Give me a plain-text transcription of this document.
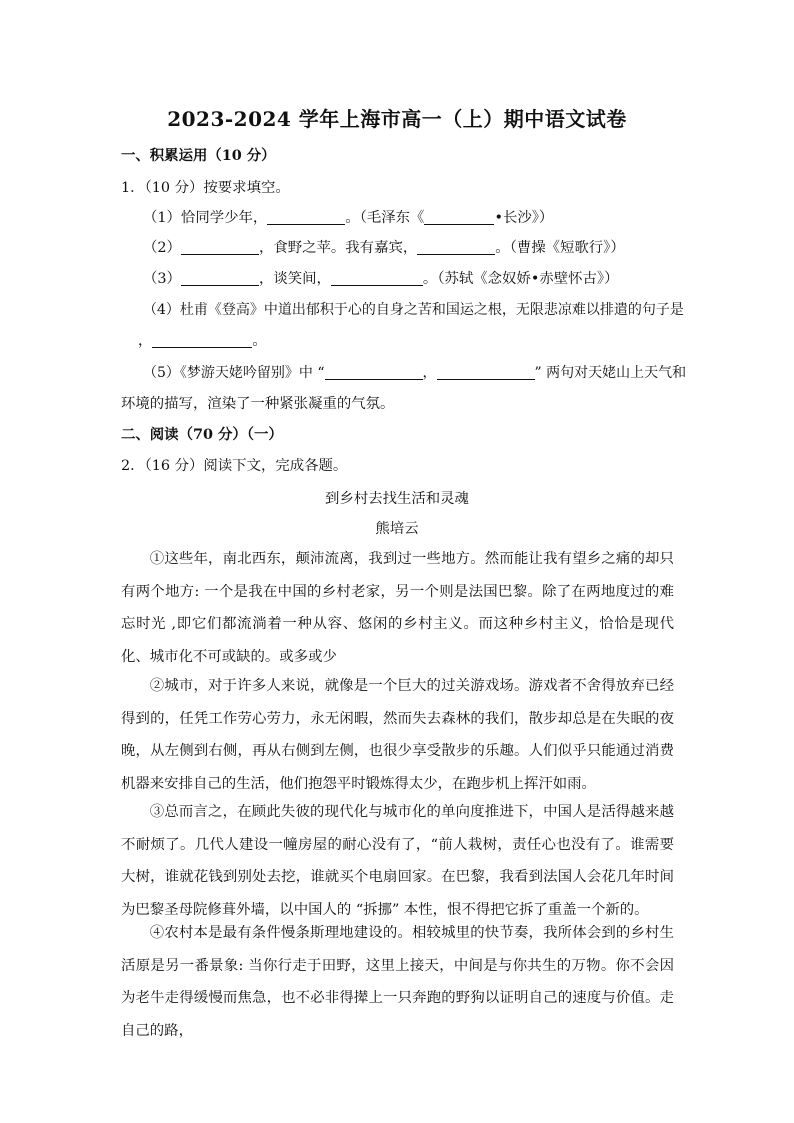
2023-2024 学年上海市高一（上）期中语文试卷
一、积累运用（10 分）
1．（10 分）按要求填空。
（1）恰同学少年，	。（毛泽东《	•长沙》）
（2）	，食野之苹。我有嘉宾，	。（曹操《短歌行》）
（3）	，谈笑间，	。（苏轼《念奴娇•赤壁怀古》）
（4）杜甫《登高》中道出郁积于心的自身之苦和国运之根，无限悲凉难以排遣的句子是
，	。
（5）《梦游天姥吟留别》中 “	，	” 两句对天姥山上天气和
环境的描写，渲染了一种紧张凝重的气氛。
二、阅读（70 分）（一）
2．（16 分）阅读下文，完成各题。
到乡村去找生活和灵魂
熊培云
①这些年，南北西东，颠沛流离，我到过一些地方。然而能让我有望乡之痛的却只有两个地方: 一个是我在中国的乡村老家，另一个则是法国巴黎。除了在两地度过的难忘时光 ,即它们都流淌着一种从容、悠闲的乡村主义。而这种乡村主义，恰恰是现代化、城市化不可或缺的。或多或少
②城市，对于许多人来说，就像是一个巨大的过关游戏场。游戏者不舍得放弃已经得到的，任凭工作劳心劳力，永无闲暇，然而失去森林的我们，散步却总是在失眠的夜晚，从左侧到右侧，再从右侧到左侧，也很少享受散步的乐趣。人们似乎只能通过消费机器来安排自己的生活，他们抱怨平时锻炼得太少，在跑步机上挥汗如雨。
③总而言之，在顾此失彼的现代化与城市化的单向度推进下，中国人是活得越来越不耐烦了。几代人建设一幢房屋的耐心没有了，“前人栽树，责任心也没有了。谁需要大树，谁就花钱到别处去挖，谁就买个电扇回家。在巴黎，我看到法国人会花几年时间为巴黎圣母院修葺外墙，以中国人的 “拆挪” 本性，恨不得把它拆了重盖一个新的。
④农村本是最有条件慢条斯理地建设的。相较城里的快节奏，我所体会到的乡村生活原是另一番景象: 当你行走于田野，这里上接天，中间是与你共生的万物。你不会因为老牛走得缓慢而焦急，也不必非得撵上一只奔跑的野狗以证明自己的速度与价值。走自己的路，
